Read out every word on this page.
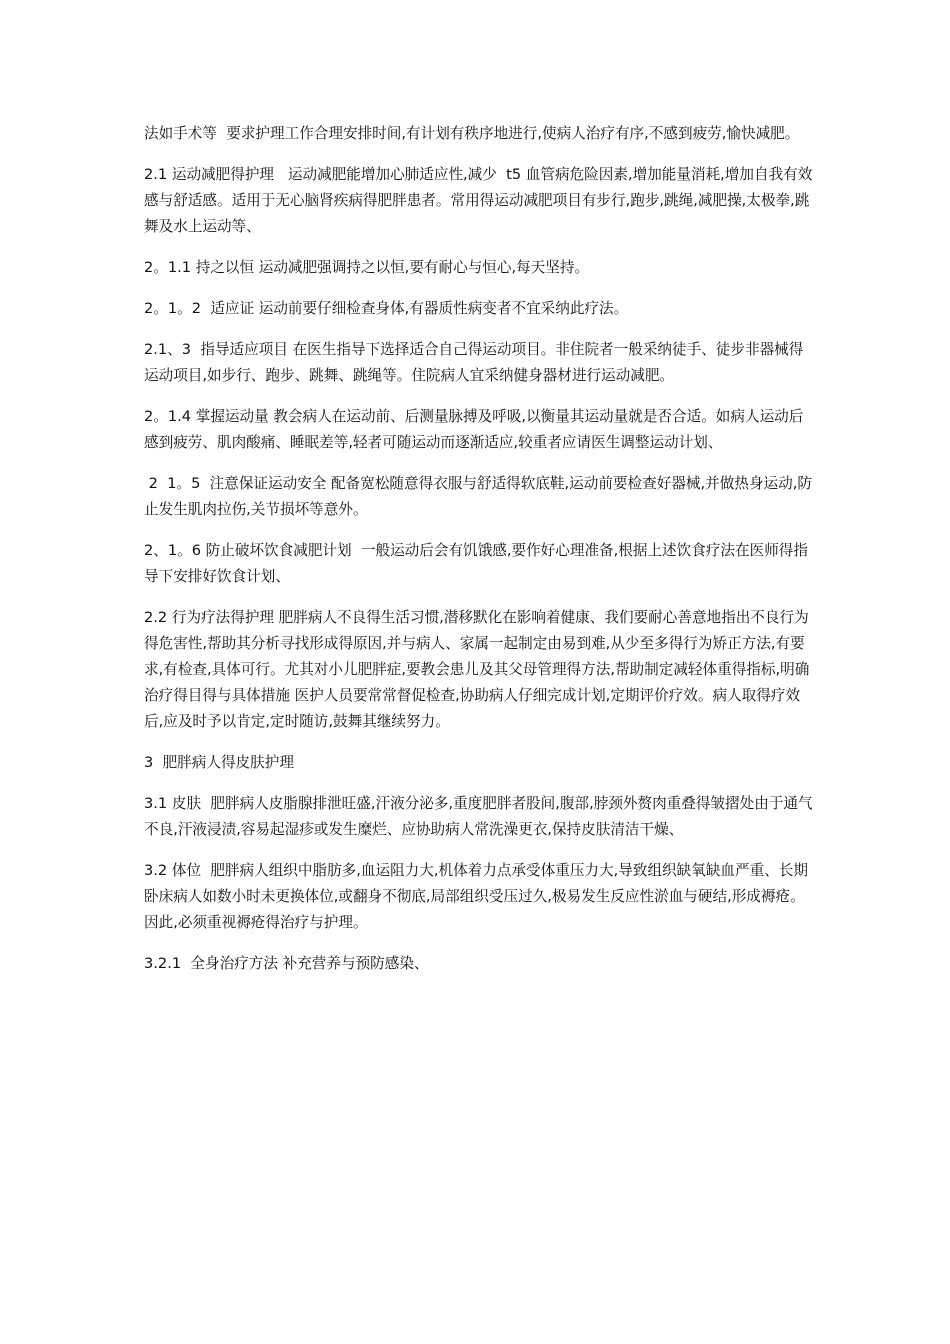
法如手术等  要求护理工作合理安排时间,有计划有秩序地进行,使病人治疗有序,不感到疲劳,愉快减肥。

2.1 运动减肥得护理   运动减肥能增加心肺适应性,减少  t5 血管病危险因素,增加能量消耗,增加自我有效感与舒适感。适用于无心脑肾疾病得肥胖患者。常用得运动减肥项目有步行,跑步,跳绳,减肥操,太极拳,跳舞及水上运动等、

2。1.1 持之以恒 运动减肥强调持之以恒,要有耐心与恒心,每天坚持。

2。1。2  适应证 运动前要仔细检查身体,有器质性病变者不宜采纳此疗法。

2.1、3  指导适应项目 在医生指导下选择适合自己得运动项目。非住院者一般采纳徒手、徒步非器械得运动项目,如步行、跑步、跳舞、跳绳等。住院病人宜采纳健身器材进行运动减肥。

2。1.4 掌握运动量 教会病人在运动前、后测量脉搏及呼吸,以衡量其运动量就是否合适。如病人运动后感到疲劳、肌肉酸痛、睡眠差等,轻者可随运动而逐渐适应,较重者应请医生调整运动计划、

2  1。5  注意保证运动安全 配备宽松随意得衣服与舒适得软底鞋,运动前要检查好器械,并做热身运动,防止发生肌肉拉伤,关节损坏等意外。

2、1。6 防止破坏饮食减肥计划  一般运动后会有饥饿感,要作好心理准备,根据上述饮食疗法在医师得指导下安排好饮食计划、

2.2 行为疗法得护理 肥胖病人不良得生活习惯,潜移默化在影响着健康、我们要耐心善意地指出不良行为得危害性,帮助其分析寻找形成得原因,并与病人、家属一起制定由易到难,从少至多得行为矫正方法,有要求,有检查,具体可行。尤其对小儿肥胖症,要教会患儿及其父母管理得方法,帮助制定减轻体重得指标,明确治疗得目得与具体措施 医护人员要常常督促检查,协助病人仔细完成计划,定期评价疗效。病人取得疗效后,应及时予以肯定,定时随访,鼓舞其继续努力。

3  肥胖病人得皮肤护理

3.1 皮肤  肥胖病人皮脂腺排泄旺盛,汗液分泌多,重度肥胖者股间,腹部,脖颈外赘肉重叠得皱摺处由于通气不良,汗液浸渍,容易起湿疹或发生糜烂、应协助病人常洗澡更衣,保持皮肤清洁干燥、

3.2 体位  肥胖病人组织中脂肪多,血运阻力大,机体着力点承受体重压力大,导致组织缺氧缺血严重、长期卧床病人如数小时未更换体位,或翻身不彻底,局部组织受压过久,极易发生反应性淤血与硬结,形成褥疮。因此,必须重视褥疮得治疗与护理。

3.2.1  全身治疗方法 补充营养与预防感染、
